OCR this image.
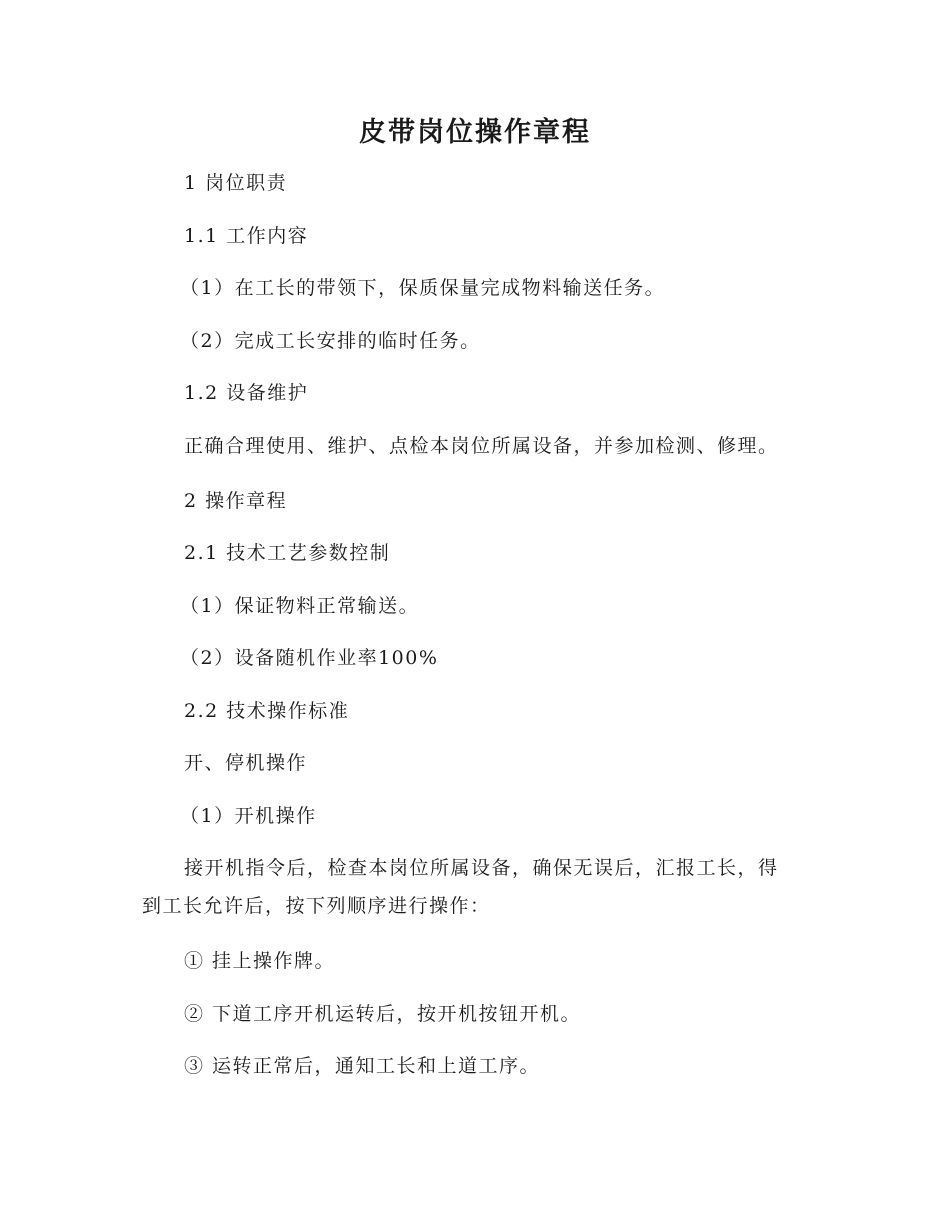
皮带岗位操作章程

1 岗位职责

1.1 工作内容

（1）在工长的带领下，保质保量完成物料输送任务。

（2）完成工长安排的临时任务。

1.2 设备维护

正确合理使用、维护、点检本岗位所属设备，并参加检测、修理。

2 操作章程

2.1 技术工艺参数控制

（1）保证物料正常输送。

（2）设备随机作业率100%

2.2 技术操作标准

开、停机操作

（1）开机操作

接开机指令后，检查本岗位所属设备，确保无误后，汇报工长，得到工长允许后，按下列顺序进行操作：

① 挂上操作牌。

② 下道工序开机运转后，按开机按钮开机。

③ 运转正常后，通知工长和上道工序。
